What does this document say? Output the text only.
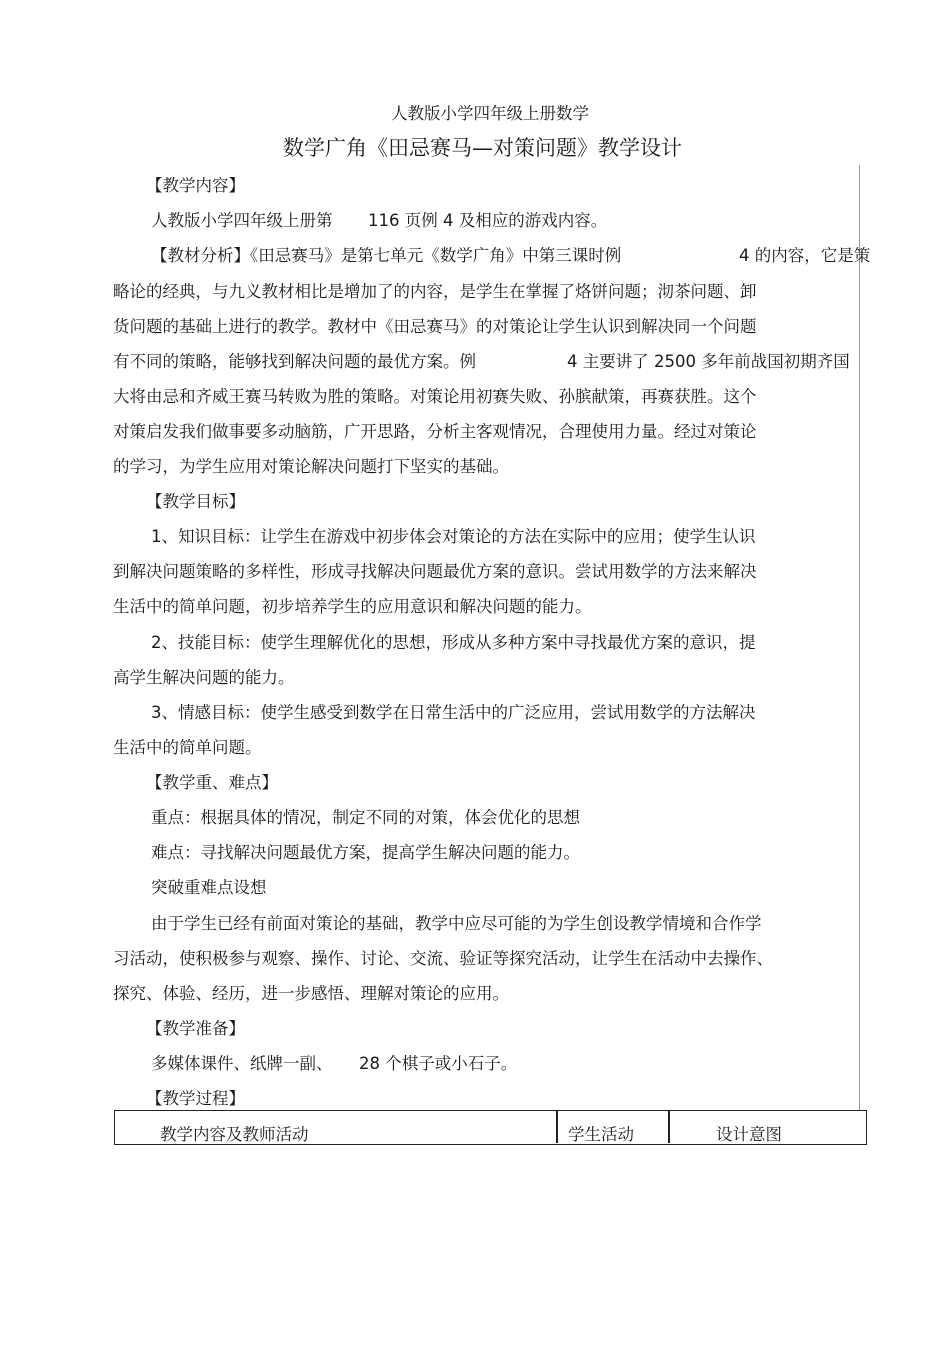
人教版小学四年级上册数学
数学广角《田忌赛马—对策问题》教学设计
【教学内容】
人教版小学四年级上册第 116 页例 4 及相应的游戏内容。
【教材分析】《田忌赛马》是第七单元《数学广角》中第三课时例	4 的内容，它是策
略论的经典，与九义教材相比是增加了的内容，是学生在掌握了烙饼问题；沏茶问题、卸
货问题的基础上进行的教学。教材中《田忌赛马》的对策论让学生认识到解决同一个问题
有不同的策略，能够找到解决问题的最优方案。例	4 主要讲了 2500 多年前战国初期齐国
大将由忌和齐威王赛马转败为胜的策略。对策论用初赛失败、孙膑献策，再赛获胜。这个
对策启发我们做事要多动脑筋，广开思路，分析主客观情况，合理使用力量。经过对策论
的学习，为学生应用对策论解决问题打下坚实的基础。
【教学目标】
1、知识目标：让学生在游戏中初步体会对策论的方法在实际中的应用；使学生认识
到解决问题策略的多样性，形成寻找解决问题最优方案的意识。尝试用数学的方法来解决
生活中的简单问题，初步培养学生的应用意识和解决问题的能力。
2、技能目标：使学生理解优化的思想，形成从多种方案中寻找最优方案的意识，提
高学生解决问题的能力。
3、情感目标：使学生感受到数学在日常生活中的广泛应用，尝试用数学的方法解决
生活中的简单问题。
【教学重、难点】
重点：根据具体的情况，制定不同的对策，体会优化的思想
难点：寻找解决问题最优方案，提高学生解决问题的能力。
突破重难点设想
由于学生已经有前面对策论的基础，教学中应尽可能的为学生创设教学情境和合作学
习活动，使积极参与观察、操作、讨论、交流、验证等探究活动，让学生在活动中去操作、
探究、体验、经历，进一步感悟、理解对策论的应用。
【教学准备】
多媒体课件、纸牌一副、 28 个棋子或小石子。
【教学过程】
教学内容及教师活动	学生活动	设计意图
